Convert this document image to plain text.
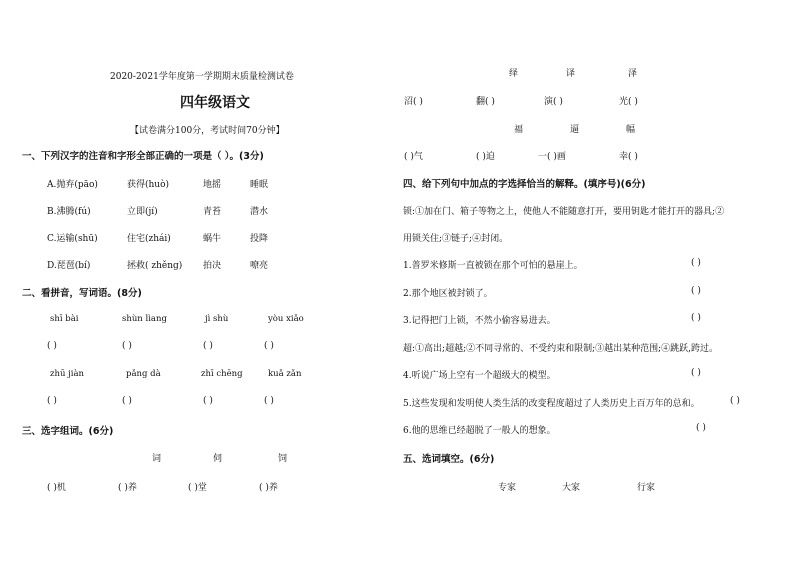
2020-2021学年度第一学期期末质量检测试卷
四年级语文
【试卷满分100分，考试时间70分钟】
一、下列汉字的注音和字形全部正确的一项是（ ）。(3分)
A.抛弃(pāo)	获得(huò)	地摇	睡眠
B.沸腾(fú)	立即(jí)	青苔	潜水
C.运输(shū)	住宅(zhái)	蜗牛	投降
D.琵琶(bí)	拯救( zhěng) 拍决	嘹亮
二、看拼音，写词语。(8分)
shī bài	shùn lìang	jì shù	yòu xiǎo
( )	( )	( )	( )
zhū jiàn	pǎng dà	zhī chēng	kuǎ zǎn
( )	( )	( )	( )
三、选字组词。(6分)
词	伺	饲
( )机	( )养	( )堂	( )养
绎	译	泽
沼( )	翻( )	演( )	光( )
福	逼	幅
( )气	( )迫	一( )画	幸( )
四、给下列句中加点的字选择恰当的解释。(填序号)(6分)
锁:①加在门、箱子等物之上，使他人不能随意打开，要用钥匙才能打开的器具;②
用锁关住;③链子;④封闭。
1.普罗米修斯一直被锁在那个可怕的悬崖上。	( )
2.那个地区被封锁了。	( )
3.记得把门上锁，不然小偷容易进去。	( )
超:①高出;超越;②不同寻常的、不受约束和限制;③越出某种范围;④跳跃,跨过。
4.听说广场上空有一个超级大的模型。	( )
5.这些发现和发明使人类生活的改变程度超过了人类历史上百万年的总和。	( )
6.他的思维已经超脱了一般人的想象。	( )
五、选词填空。(6分)
专家	大家	行家
